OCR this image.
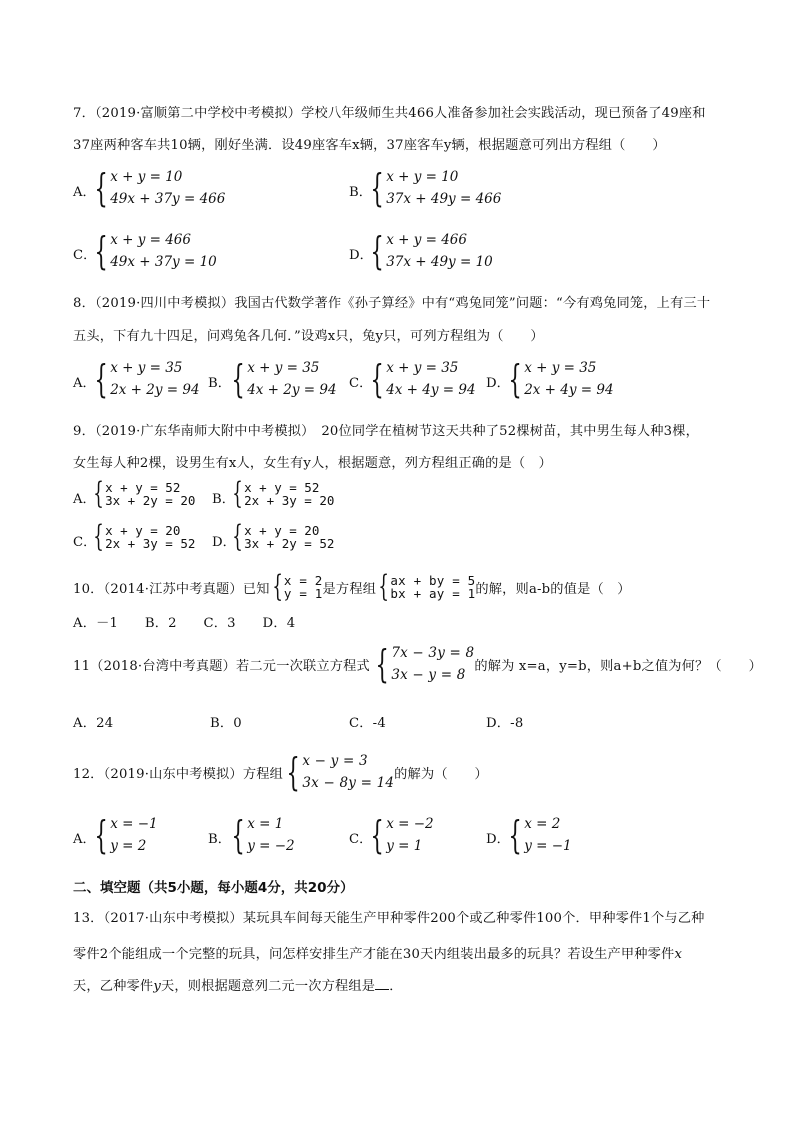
7．（2019·富顺第二中学校中考模拟）学校八年级师生共466人准备参加社会实践活动，现已预备了49座和
37座两种客车共10辆，刚好坐满．设49座客车x辆，37座客车y辆，根据题意可列出方程组（　　）
A．
{ x + y = 10
49x + 37y = 466	B．
{ x + y = 10
37x + 49y = 466
C．
{ x + y = 466
49x + 37y = 10	D．
{ x + y = 466
37x + 49y = 10
8．（2019·四川中考模拟）我国古代数学著作《孙子算经》中有“鸡兔同笼”问题：“今有鸡兔同笼，上有三十
五头，下有九十四足，问鸡兔各几何．”设鸡x只，兔y只，可列方程组为（　　）
A．
{ x + y = 35
2x + 2y = 94 B． { x + y = 35
4x + 2y = 94 C．
{ x + y = 35
4x + 4y = 94 D．
{ x + y = 35
2x + 4y = 94
9．（2019·广东华南师大附中中考模拟）　20位同学在植树节这天共种了52棵树苗，其中男生每人种3棵，
女生每人种2棵，设男生有x人，女生有y人，根据题意，列方程组正确的是（　）
A．
{ x + y = 52
3x + 2y = 20 B．
{ x + y = 52
2x + 3y = 20
C．
{ x + y = 20
2x + 3y = 52 D．
{ x + y = 20
3x + 2y = 52
10．（2014·江苏中考真题）已知 { x = 2
y = 1 是方程组 { ax + by = 5
bx + ay = 1 的解，则a-b的值是（　）
A．－1　　B．2　　C．3　　D．4
11（2018·台湾中考真题）若二元一次联立方程式 { 7x − 3y = 8
3x − y = 8
的解为 x=a，y=b，则a+b之值为何？（　　）
A．24	B．0	C．-4	D．-8
12．（2019·山东中考模拟）方程组 { x − y = 3
3x − 8y = 14
的解为（　　）
A．
{ x = −1
y = 2	B． { x = 1
y = −2	C．
{ x = −2
y = 1	D．
{ x = 2
y = −1
二、填空题（共5小题，每小题4分，共20分）
13．（2017·山东中考模拟）某玩具车间每天能生产甲种零件200个或乙种零件100个．甲种零件1个与乙种
零件2个能组成一个完整的玩具，问怎样安排生产才能在30天内组装出最多的玩具？若设生产甲种零件x
天，乙种零件y天，则根据题意列二元一次方程组是 ．
